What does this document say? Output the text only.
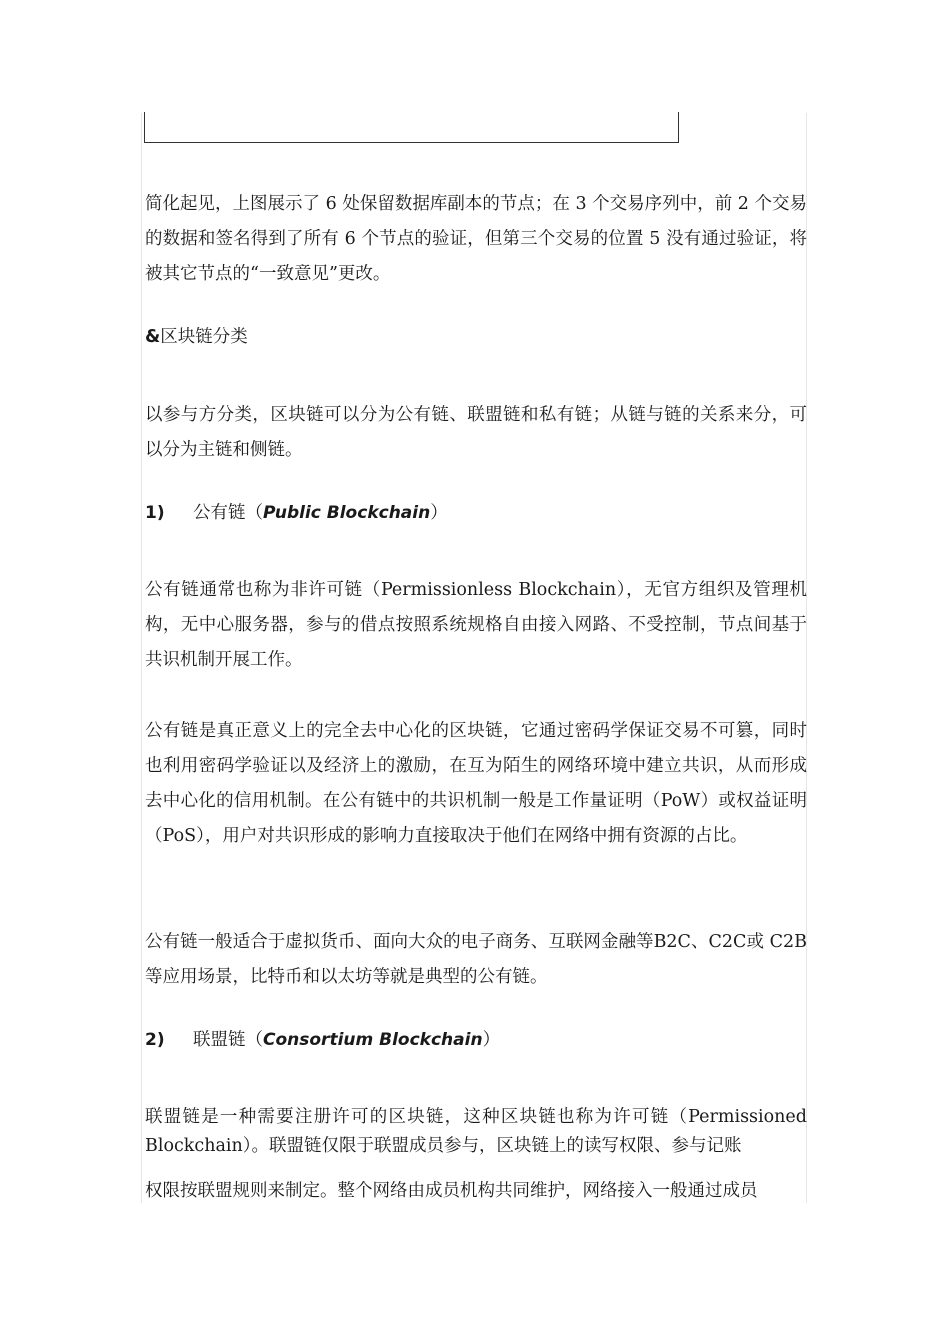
简化起见，上图展示了 6 处保留数据库副本的节点；在 3 个交易序列中，前 2 个交易的数据和签名得到了所有 6 个节点的验证，但第三个交易的位置 5 没有通过验证，将被其它节点的“一致意见”更改。

&区块链分类

以参与方分类，区块链可以分为公有链、联盟链和私有链；从链与链的关系来分，可以分为主链和侧链。

1) 公有链（Public Blockchain）

公有链通常也称为非许可链（Permissionless Blockchain），无官方组织及管理机构，无中心服务器，参与的借点按照系统规格自由接入网路、不受控制，节点间基于共识机制开展工作。

公有链是真正意义上的完全去中心化的区块链，它通过密码学保证交易不可篡，同时也利用密码学验证以及经济上的激励，在互为陌生的网络环境中建立共识，从而形成去中心化的信用机制。在公有链中的共识机制一般是工作量证明（PoW）或权益证明（PoS），用户对共识形成的影响力直接取决于他们在网络中拥有资源的占比。

公有链一般适合于虚拟货币、面向大众的电子商务、互联网金融等B2C、C2C或 C2B 等应用场景，比特币和以太坊等就是典型的公有链。

2) 联盟链（Consortium Blockchain）

联盟链是一种需要注册许可的区块链，这种区块链也称为许可链（Permissioned Blockchain）。联盟链仅限于联盟成员参与，区块链上的读写权限、参与记账

权限按联盟规则来制定。整个网络由成员机构共同维护，网络接入一般通过成员
